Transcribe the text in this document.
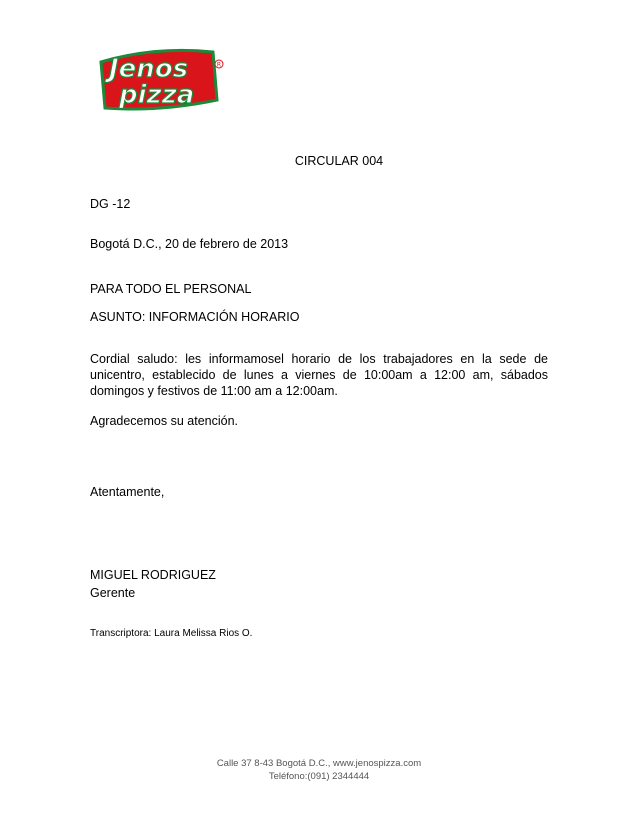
Jenos
pizza
R

CIRCULAR 004

DG -12

Bogotá D.C., 20 de febrero de 2013

PARA TODO EL PERSONAL

ASUNTO: INFORMACIÓN HORARIO

Cordial saludo: les informamosel horario de los trabajadores en la sede de unicentro, establecido de lunes a viernes de 10:00am a 12:00 am, sábados domingos y festivos de 11:00 am a 12:00am.

Agradecemos su atención.

Atentamente,

MIGUEL RODRIGUEZ

Gerente

Transcriptora: Laura Melissa Rios O.

Calle 37 8-43 Bogotá D.C., www.jenospizza.com

Teléfono:(091) 2344444
